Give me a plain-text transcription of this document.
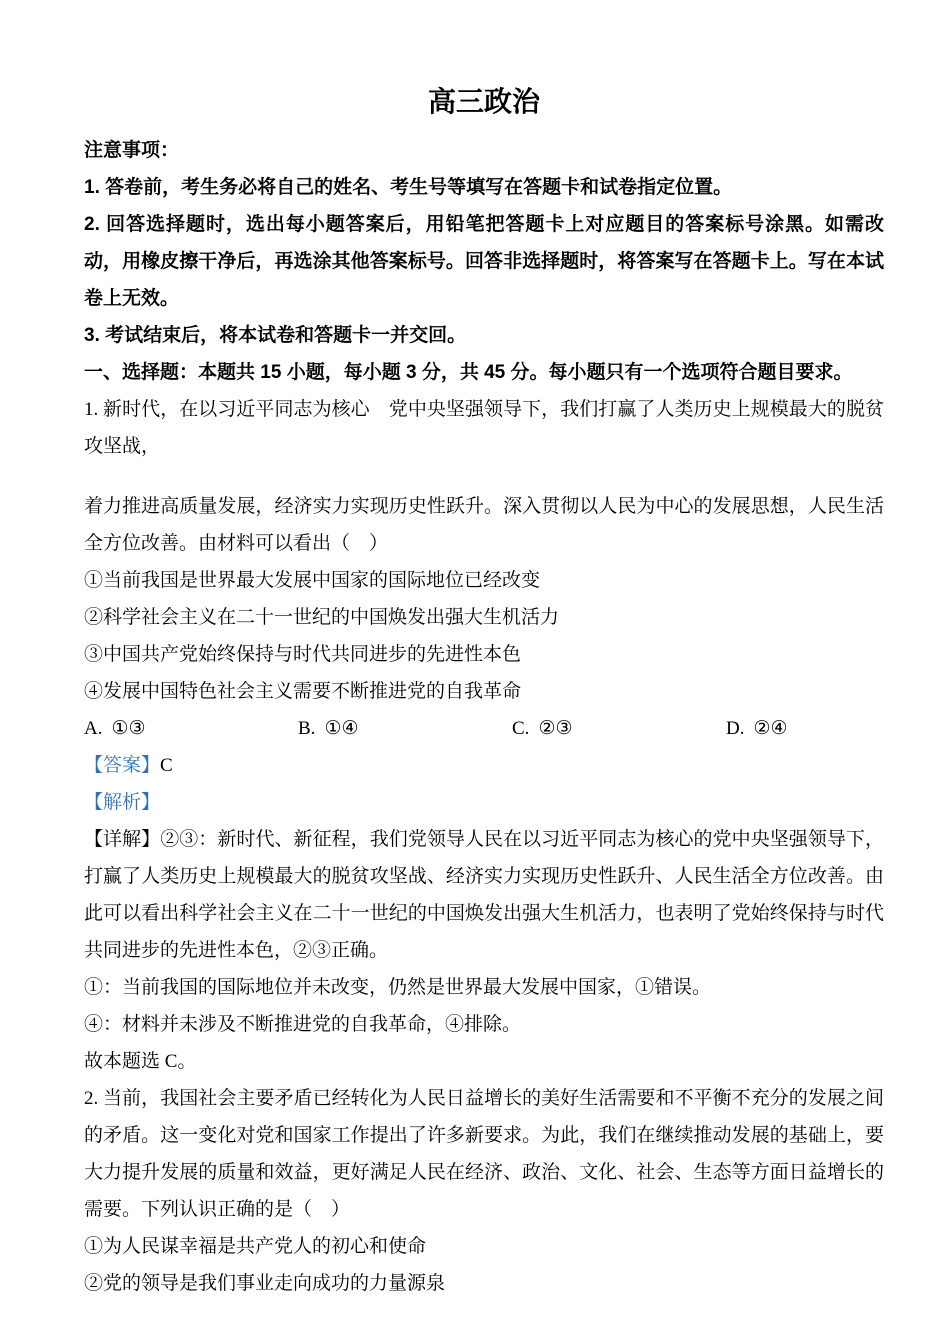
高三政治

注意事项：

1. 答卷前，考生务必将自己的姓名、考生号等填写在答题卡和试卷指定位置。

2. 回答选择题时，选出每小题答案后，用铅笔把答题卡上对应题目的答案标号涂黑。如需改动，用橡皮擦干净后，再选涂其他答案标号。回答非选择题时，将答案写在答题卡上。写在本试卷上无效。

3. 考试结束后，将本试卷和答题卡一并交回。

一、选择题：本题共 15 小题，每小题 3 分，共 45 分。每小题只有一个选项符合题目要求。

1. 新时代，在以习近平同志为核心　党中央坚强领导下，我们打赢了人类历史上规模最大的脱贫攻坚战，

着力推进高质量发展，经济实力实现历史性跃升。深入贯彻以人民为中心的发展思想，人民生活全方位改善。由材料可以看出（　）

①当前我国是世界最大发展中国家的国际地位已经改变

②科学社会主义在二十一世纪的中国焕发出强大生机活力

③中国共产党始终保持与时代共同进步的先进性本色

④发展中国特色社会主义需要不断推进党的自我革命

A. ①③	B. ①④	C. ②③	D. ②④

【答案】C

【解析】

【详解】②③：新时代、新征程，我们党领导人民在以习近平同志为核心的党中央坚强领导下，打赢了人类历史上规模最大的脱贫攻坚战、经济实力实现历史性跃升、人民生活全方位改善。由此可以看出科学社会主义在二十一世纪的中国焕发出强大生机活力，也表明了党始终保持与时代共同进步的先进性本色，②③正确。

①：当前我国的国际地位并未改变，仍然是世界最大发展中国家，①错误。

④：材料并未涉及不断推进党的自我革命，④排除。

故本题选 C。

2. 当前，我国社会主要矛盾已经转化为人民日益增长的美好生活需要和不平衡不充分的发展之间的矛盾。这一变化对党和国家工作提出了许多新要求。为此，我们在继续推动发展的基础上，要大力提升发展的质量和效益，更好满足人民在经济、政治、文化、社会、生态等方面日益增长的需要。下列认识正确的是（　）

①为人民谋幸福是共产党人的初心和使命

②党的领导是我们事业走向成功的力量源泉
